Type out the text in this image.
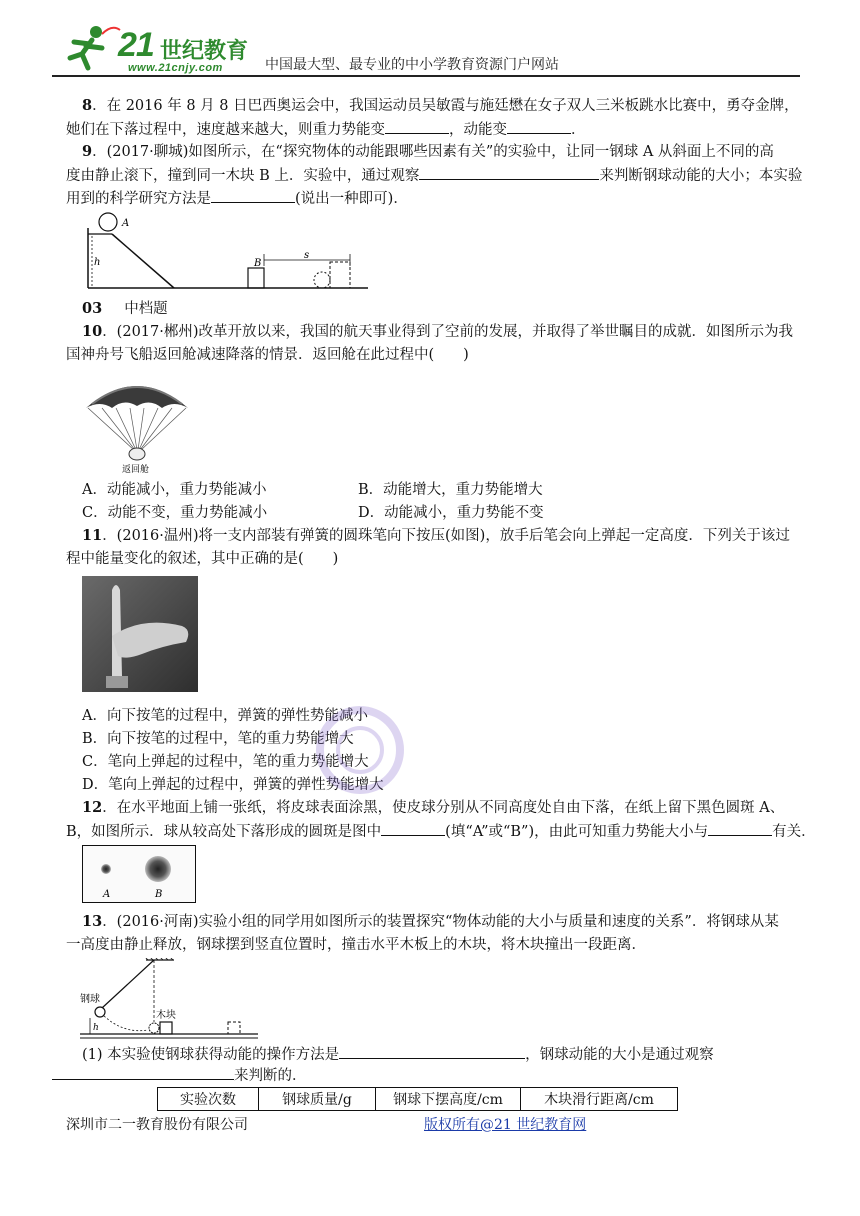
21 世纪教育
www.21cnjy.com	中国最大型、最专业的中小学教育资源门户网站
8．在 2016 年 8 月 8 日巴西奥运会中，我国运动员吴敏霞与施廷懋在女子双人三米板跳水比赛中，勇夺金牌，
她们在下落过程中，速度越来越大，则重力势能变	，动能变	．
9．(2017·聊城)如图所示，在“探究物体的动能跟哪些因素有关”的实验中，让同一钢球 A 从斜面上不同的高
度由静止滚下，撞到同一木块 B 上．实验中，通过观察	来判断钢球动能的大小；本实验
用到的科学研究方法是	(说出一种即可)．
A
h	B
s
03 中档题
10．(2017·郴州)改革开放以来，我国的航天事业得到了空前的发展，并取得了举世瞩目的成就．如图所示为我
国神舟号飞船返回舱减速降落的情景．返回舱在此过程中(　　)
返回舱
A．动能减小，重力势能减小	B．动能增大，重力势能增大
C．动能不变，重力势能减小	D．动能减小，重力势能不变
11．(2016·温州)将一支内部装有弹簧的圆珠笔向下按压(如图)，放手后笔会向上弹起一定高度．下列关于该过
程中能量变化的叙述，其中正确的是(　　)
A．向下按笔的过程中，弹簧的弹性势能减小
B．向下按笔的过程中，笔的重力势能增大
C．笔向上弹起的过程中，笔的重力势能增大
D．笔向上弹起的过程中，弹簧的弹性势能增大
12．在水平地面上铺一张纸，将皮球表面涂黑，使皮球分别从不同高度处自由下落，在纸上留下黑色圆斑 A、
B，如图所示．球从较高处下落形成的圆斑是图中	(填“A”或“B”)，由此可知重力势能大小与	有关．
A	B
13．(2016·河南)实验小组的同学用如图所示的装置探究“物体动能的大小与质量和速度的关系”．将钢球从某
一高度由静止释放，钢球摆到竖直位置时，撞击水平木板上的木块，将木块撞出一段距离．
钢球
木块
h
(1) 本实验使钢球获得动能的操作方法是	，钢球动能的大小是通过观察
来判断的．
实验次数	钢球质量/g	钢球下摆高度/cm	木块滑行距离/cm
深圳市二一教育股份有限公司	版权所有@21 世纪教育网
